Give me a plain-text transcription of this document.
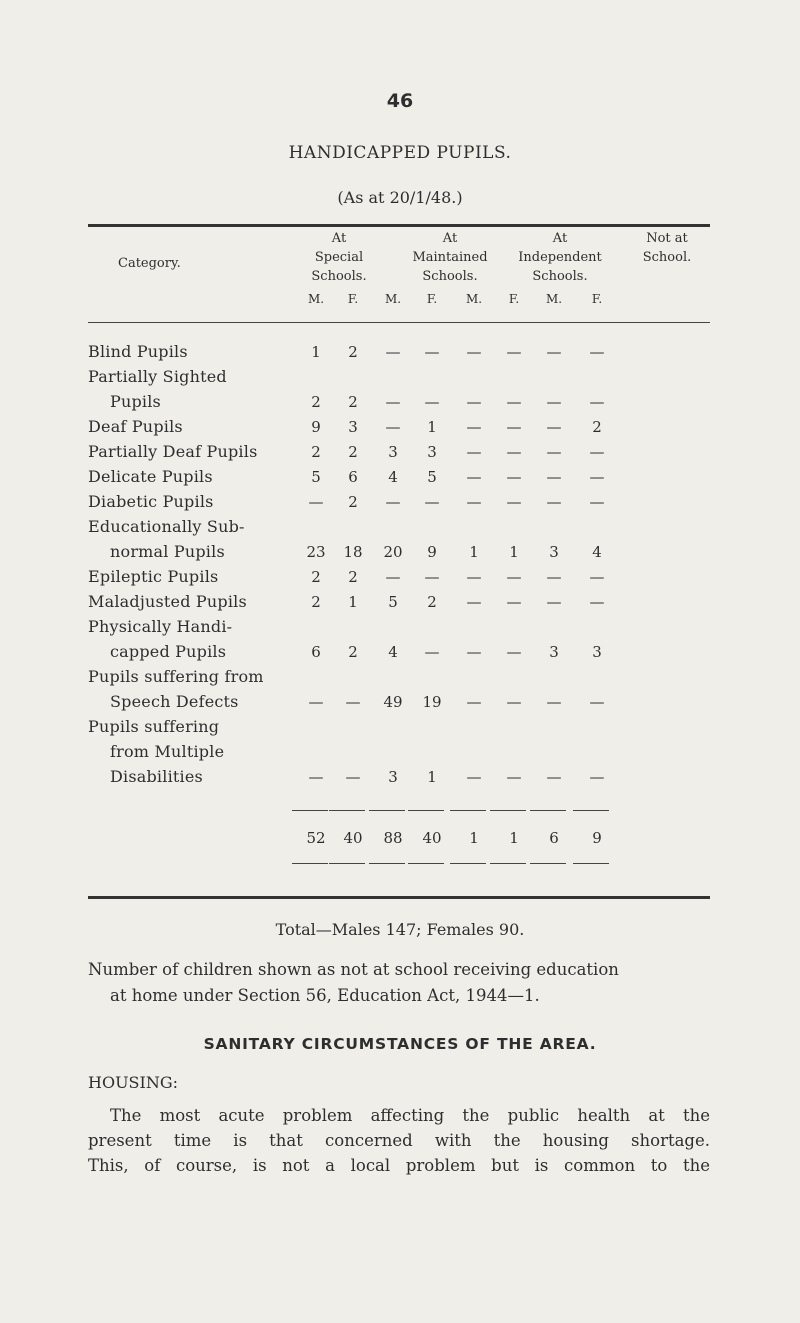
46
HANDICAPPED PUPILS.
(As at 20/1/48.)
Category.
At
Special
Schools.
At
Maintained
Schools.
At
Independent
Schools.
Not at
School.
M.	F.	M.	F.	M.	F.	M.	F.
Blind Pupils	1	2	—	—	—	—	—	—
Partially Sighted
Pupils	2	2	—	—	—	—	—	—
Deaf Pupils	9	3	—	1	—	—	—	2
Partially Deaf Pupils	2	2	3	3	—	—	—	—
Delicate Pupils	5	6	4	5	—	—	—	—
Diabetic Pupils	—	2	—	—	—	—	—	—
Educationally Sub-
normal Pupils	23	18	20	9	1	1	3	4
Epileptic Pupils	2	2	—	—	—	—	—	—
Maladjusted Pupils	2	1	5	2	—	—	—	—
Physically Handi-
capped Pupils	6	2	4	—	—	—	3	3
Pupils suffering from
Speech Defects	—	—	49	19	—	—	—	—
Pupils suffering
from Multiple
Disabilities	—	—	3	1	—	—	—	—
52	40	88	40	1	1	6	9
Total—Males 147; Females 90.
Number of children shown as not at school receiving education
at home under Section 56, Education Act, 1944—1.
SANITARY CIRCUMSTANCES OF THE AREA.
HOUSING:
The most acute problem affecting the public health at the
present time is that concerned with the housing shortage.
This, of course, is not a local problem but is common to the
